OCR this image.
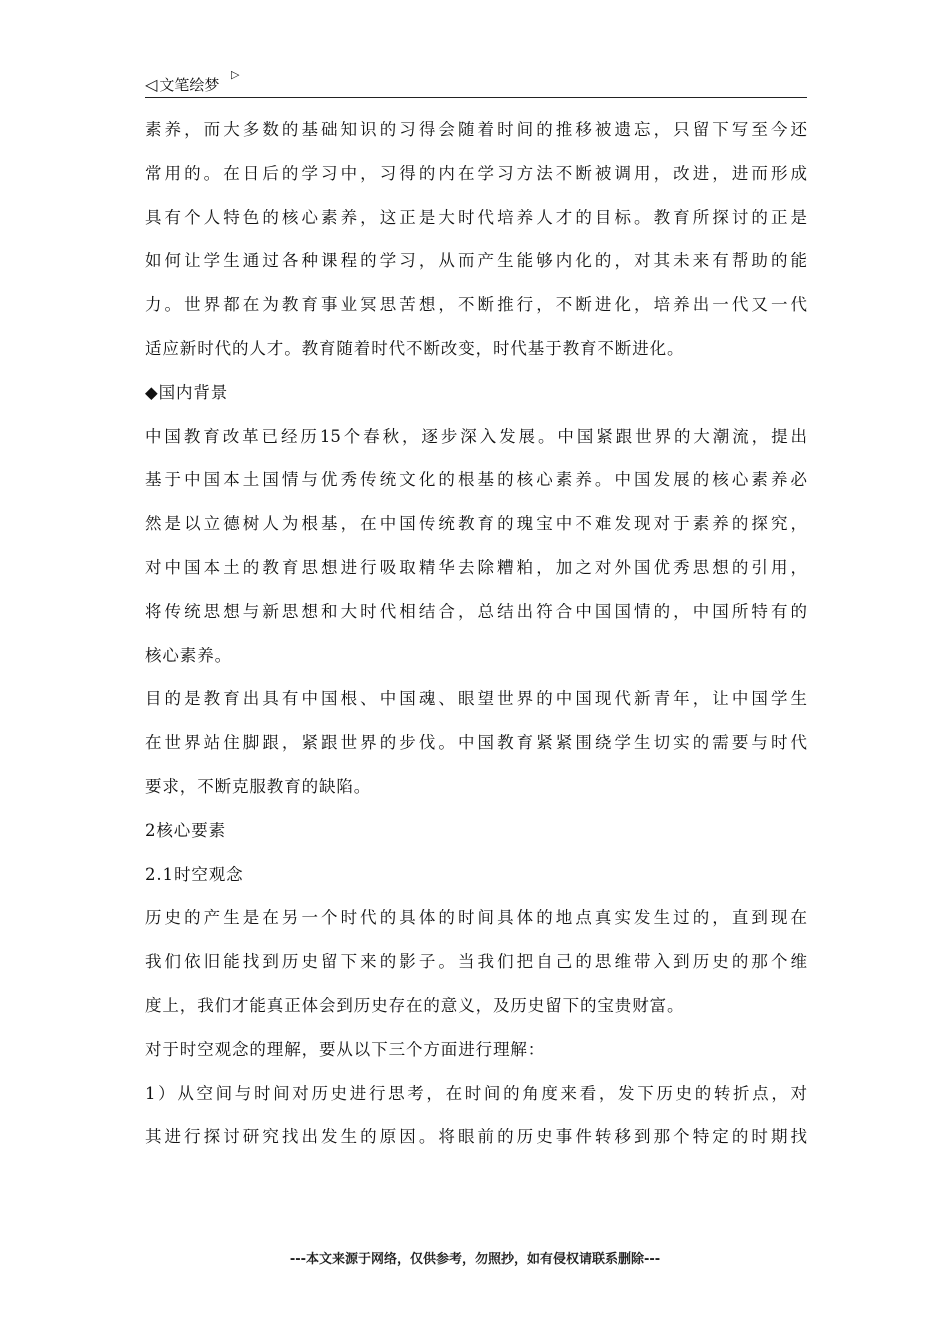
◁ 文笔绘梦
▷
素养，而大多数的基础知识的习得会随着时间的推移被遗忘，只留下写至今还
常用的。在日后的学习中，习得的内在学习方法不断被调用，改进，进而形成
具有个人特色的核心素养，这正是大时代培养人才的目标。教育所探讨的正是
如何让学生通过各种课程的学习，从而产生能够内化的，对其未来有帮助的能
力。世界都在为教育事业冥思苦想，不断推行，不断进化，培养出一代又一代
适应新时代的人才。教育随着时代不断改变，时代基于教育不断进化。
◆国内背景
中国教育改革已经历15个春秋，逐步深入发展。中国紧跟世界的大潮流，提出
基于中国本土国情与优秀传统文化的根基的核心素养。中国发展的核心素养必
然是以立德树人为根基，在中国传统教育的瑰宝中不难发现对于素养的探究，
对中国本土的教育思想进行吸取精华去除糟粕，加之对外国优秀思想的引用，
将传统思想与新思想和大时代相结合，总结出符合中国国情的，中国所特有的
核心素养。
目的是教育出具有中国根、中国魂、眼望世界的中国现代新青年，让中国学生
在世界站住脚跟，紧跟世界的步伐。中国教育紧紧围绕学生切实的需要与时代
要求，不断克服教育的缺陷。
2核心要素
2.1时空观念
历史的产生是在另一个时代的具体的时间具体的地点真实发生过的，直到现在
我们依旧能找到历史留下来的影子。当我们把自己的思维带入到历史的那个维
度上，我们才能真正体会到历史存在的意义，及历史留下的宝贵财富。
对于时空观念的理解，要从以下三个方面进行理解：
1）从空间与时间对历史进行思考，在时间的角度来看，发下历史的转折点，对
其进行探讨研究找出发生的原因。将眼前的历史事件转移到那个特定的时期找
---本文来源于网络，仅供参考，勿照抄，如有侵权请联系删除---
